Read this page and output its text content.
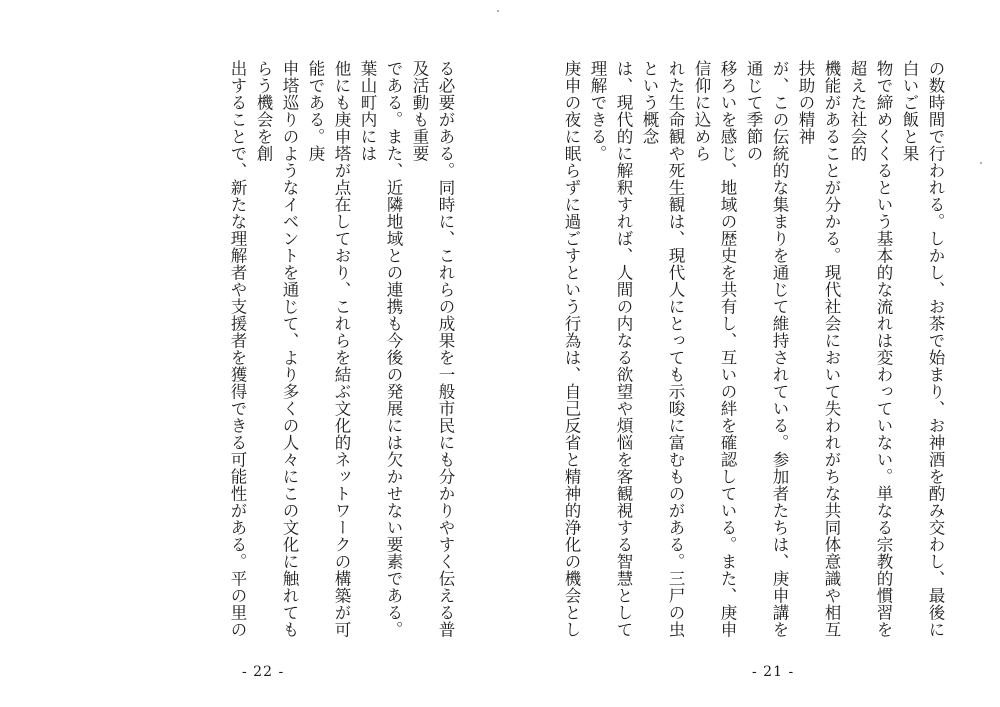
る必要がある。同時に、これらの成果を一般市民にも分かりやすく伝える普及活動も重要
である。また、近隣地域との連携も今後の発展には欠かせない要素である。葉山町内には
他にも庚申塔が点在しており、これらを結ぶ文化的ネットワークの構築が可能である。庚
申塔巡りのようなイベントを通じて、より多くの人々にこの文化に触れてもらう機会を創
出することで、新たな理解者や支援者を獲得できる可能性がある。平の里の

- 22 -
の数時間で行われる。しかし、お茶で始まり、お神酒を酌み交わし、最後に白いご飯と果
物で締めくくるという基本的な流れは変わっていない。単なる宗教的慣習を超えた社会的
機能があることが分かる。現代社会において失われがちな共同体意識や相互扶助の精神
が、この伝統的な集まりを通じて維持されている。参加者たちは、庚申講を通じて季節の
移ろいを感じ、地域の歴史を共有し、互いの絆を確認している。また、庚申信仰に込めら
れた生命観や死生観は、現代人にとっても示唆に富むものがある。三尸の虫という概念
は、現代的に解釈すれば、人間の内なる欲望や煩悩を客観視する智慧として理解できる。
庚申の夜に眠らずに過ごすという行為は、自己反省と精神的浄化の機会とし

- 21 -
